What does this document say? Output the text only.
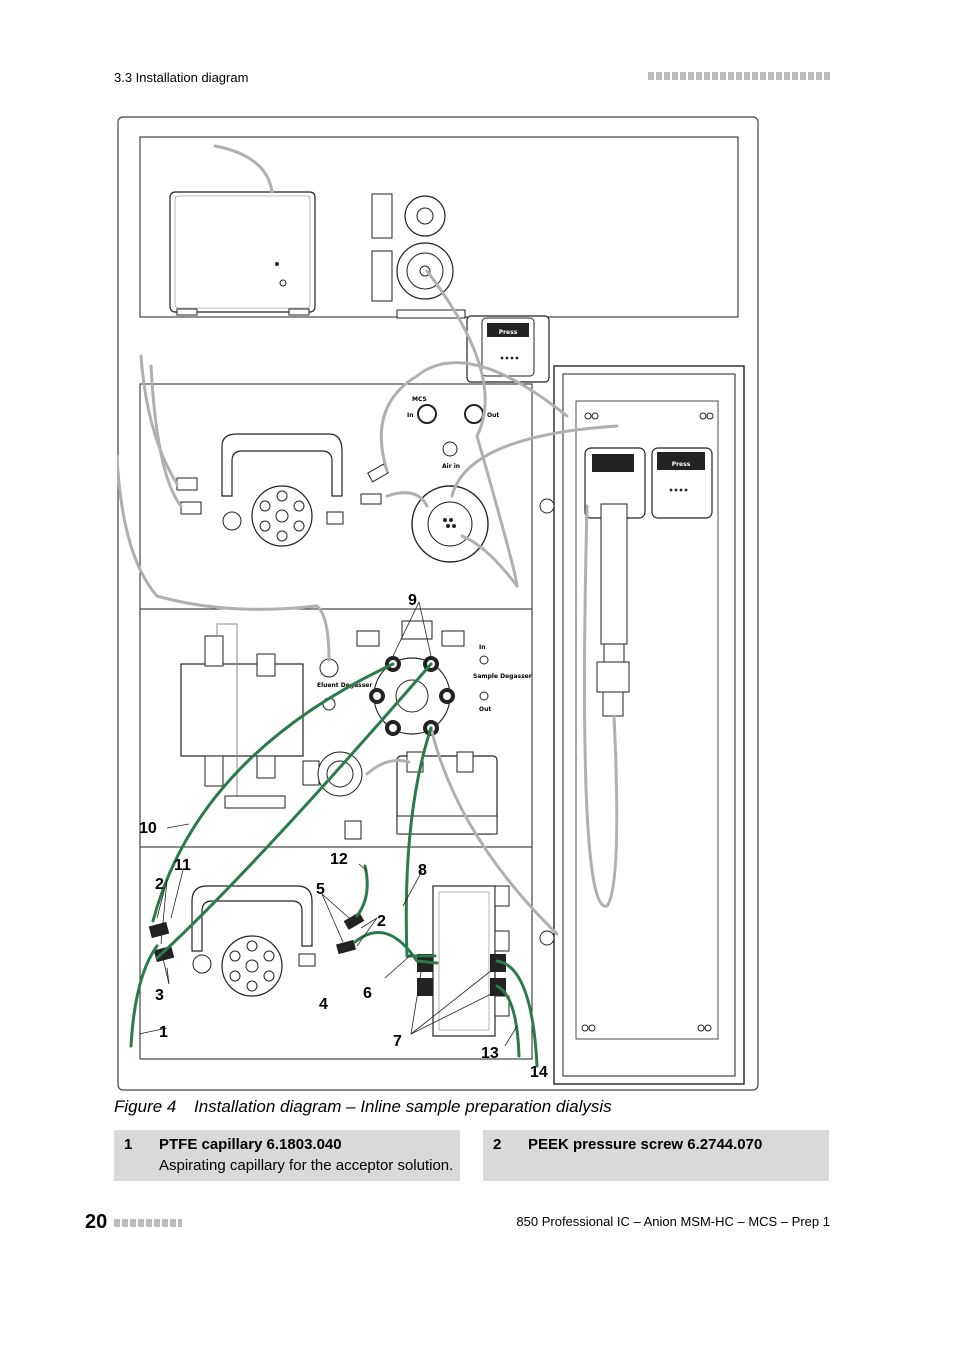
3.3 Installation diagram
Press
Press
MCS
In	Out
Air in
Eluent Degasser
In
Sample Degasser
Out
1
2
2
3
4
5
6
7
8
9
10
11	12
13
14
Figure 4 Installation diagram – Inline sample preparation dialysis
1 PTFE capillary 6.1803.040
Aspirating capillary for the acceptor solution.
2 PEEK pressure screw 6.2744.070
20	850 Professional IC – Anion MSM-HC – MCS – Prep 1
